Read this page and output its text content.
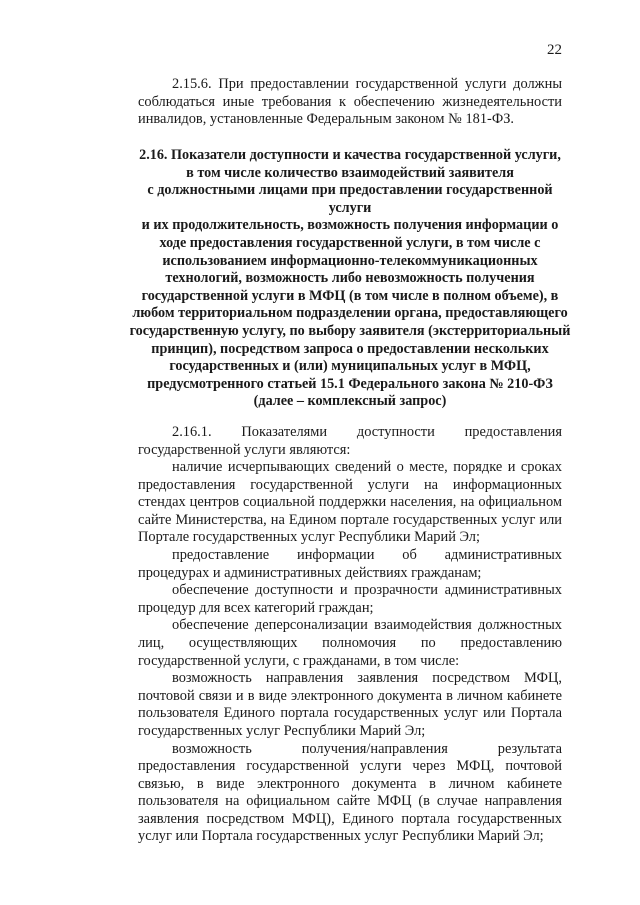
22

2.15.6. При предоставлении государственной услуги должны соблюдаться иные требования к обеспечению жизнедеятельности инвалидов, установленные Федеральным законом № 181-ФЗ.

2.16. Показатели доступности и качества государственной услуги,
в том числе количество взаимодействий заявителя
с должностными лицами при предоставлении государственной
услуги
и их продолжительность, возможность получения информации о
ходе предоставления государственной услуги, в том числе с
использованием информационно-телекоммуникационных
технологий, возможность либо невозможность получения
государственной услуги в МФЦ (в том числе в полном объеме), в
любом территориальном подразделении органа, предоставляющего
государственную услугу, по выбору заявителя (экстерриториальный
принцип), посредством запроса о предоставлении нескольких
государственных и (или) муниципальных услуг в МФЦ,
предусмотренного статьей 15.1 Федерального закона № 210-ФЗ
(далее – комплексный запрос)

2.16.1. Показателями доступности предоставления государственной услуги являются:

наличие исчерпывающих сведений о месте, порядке и сроках предоставления государственной услуги на информационных стендах центров социальной поддержки населения, на официальном сайте Министерства, на Едином портале государственных услуг или Портале государственных услуг Республики Марий Эл;

предоставление информации об административных процедурах и административных действиях гражданам;

обеспечение доступности и прозрачности административных процедур для всех категорий граждан;

обеспечение деперсонализации взаимодействия должностных лиц, осуществляющих полномочия по предоставлению государственной услуги, с гражданами, в том числе:

возможность направления заявления посредством МФЦ, почтовой связи и в виде электронного документа в личном кабинете пользователя Единого портала государственных услуг или Портала государственных услуг Республики Марий Эл;

возможность получения/направления результата предоставления государственной услуги через МФЦ, почтовой связью, в виде электронного документа в личном кабинете пользователя на официальном сайте МФЦ (в случае направления заявления посредством МФЦ), Единого портала государственных услуг или Портала государственных услуг Республики Марий Эл;
